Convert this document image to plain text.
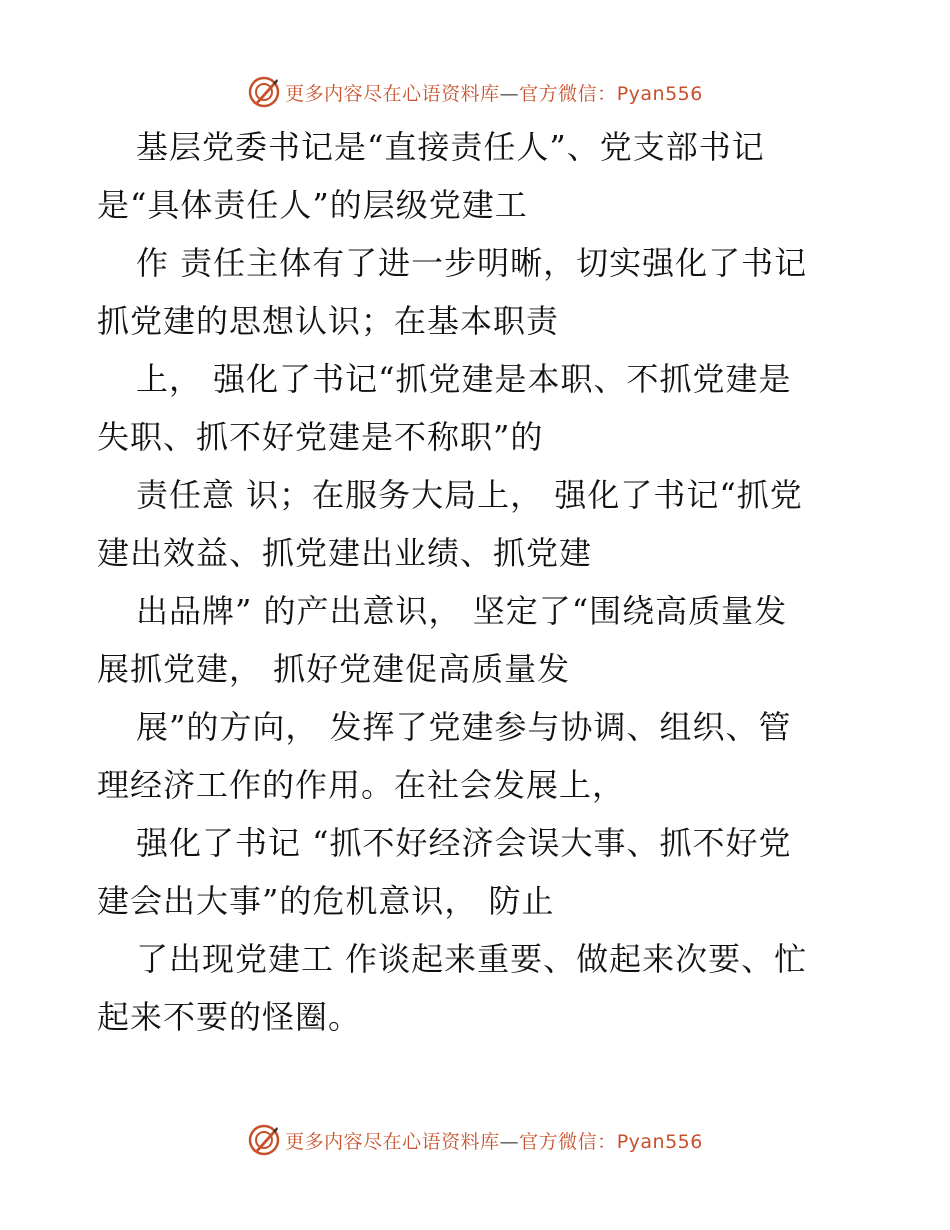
更多内容尽在心语资料库—官方微信：Pyan556
基层党委书记是“直接责任人”、党支部书记
是“具体责任人”的层级党建工
作 责任主体有了进一步明晰，切实强化了书记
抓党建的思想认识；在基本职责
上， 强化了书记“抓党建是本职、不抓党建是
失职、抓不好党建是不称职”的
责任意 识；在服务大局上， 强化了书记“抓党
建出效益、抓党建出业绩、抓党建
出品牌” 的产出意识， 坚定了“围绕高质量发
展抓党建， 抓好党建促高质量发
展”的方向， 发挥了党建参与协调、组织、管
理经济工作的作用。在社会发展上，
强化了书记 “抓不好经济会误大事、抓不好党
建会出大事”的危机意识， 防止
了出现党建工 作谈起来重要、做起来次要、忙
起来不要的怪圈。
更多内容尽在心语资料库—官方微信：Pyan556
